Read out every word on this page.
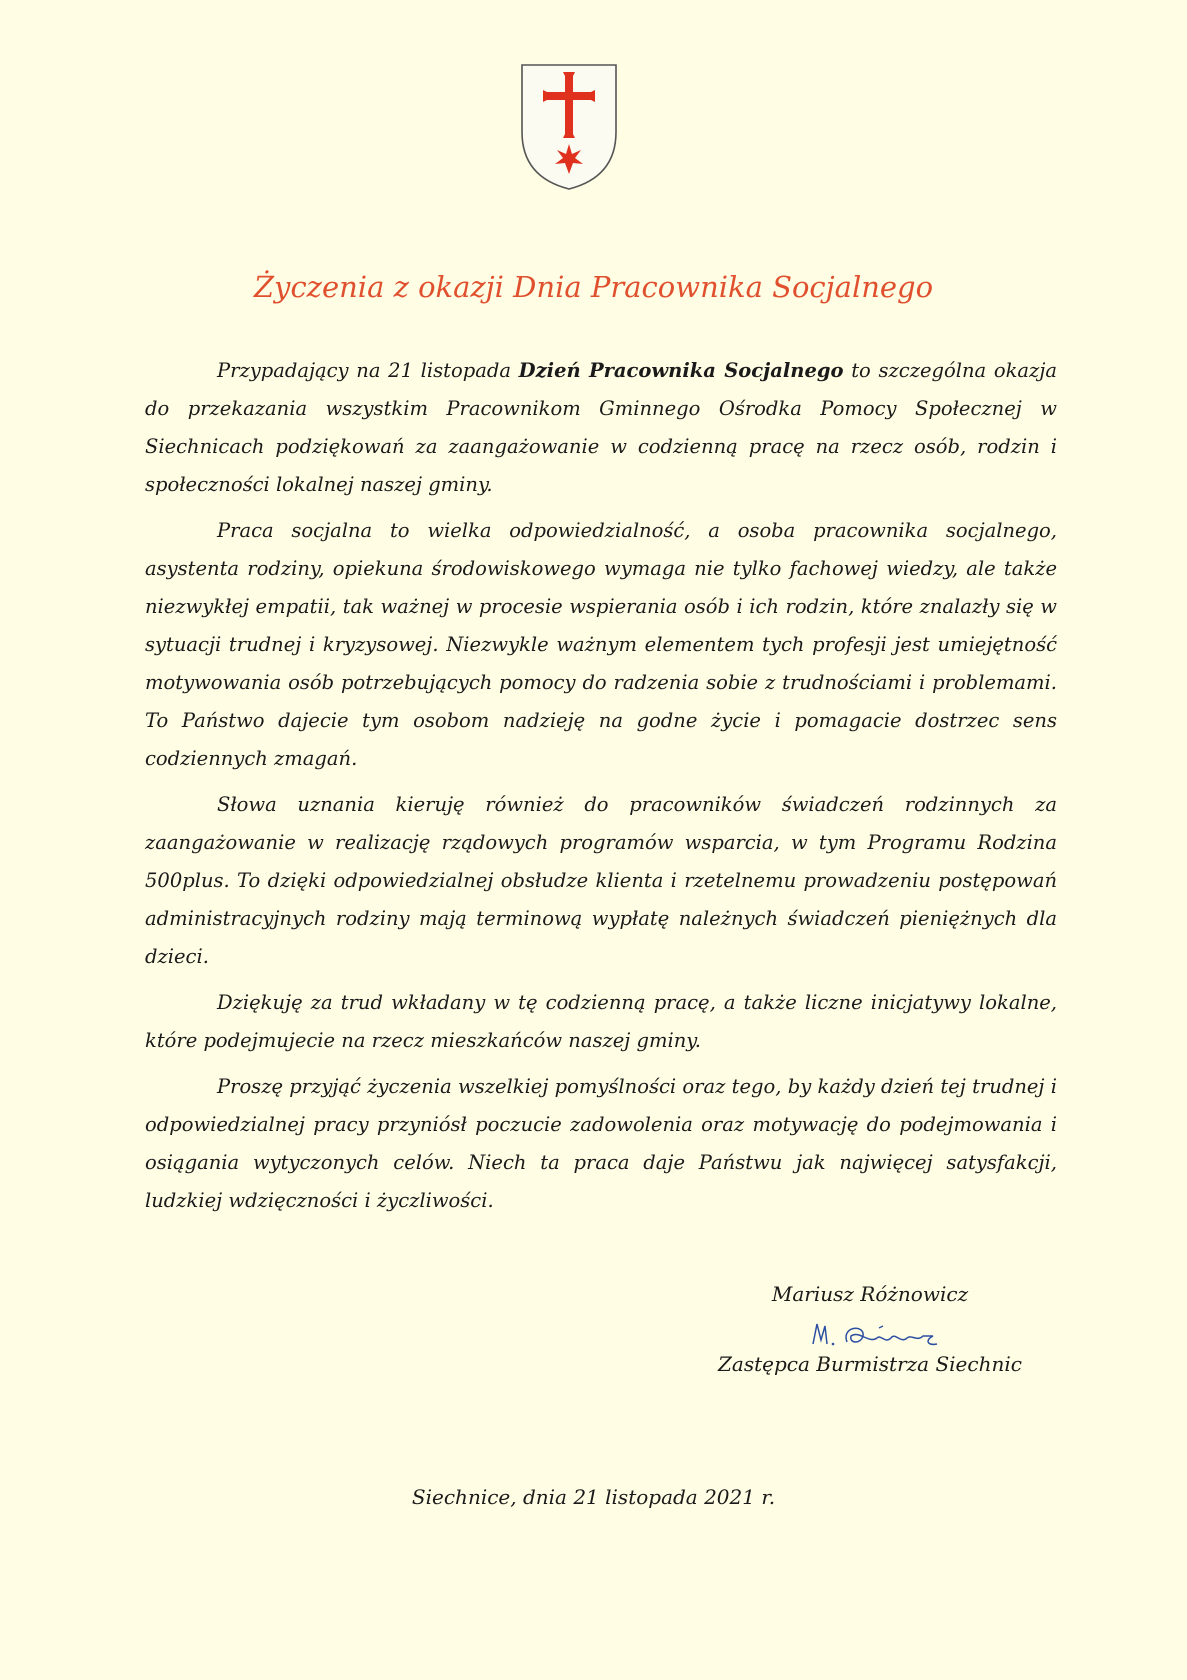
Życzenia z okazji Dnia Pracownika Socjalnego

Przypadający na 21 listopada Dzień Pracownika Socjalnego to szczególna okazja do przekazania wszystkim Pracownikom Gminnego Ośrodka Pomocy Społecznej w Siechnicach podziękowań za zaangażowanie w codzienną pracę na rzecz osób, rodzin i społeczności lokalnej naszej gminy.

Praca socjalna to wielka odpowiedzialność, a osoba pracownika socjalnego, asystenta rodziny, opiekuna środowiskowego wymaga nie tylko fachowej wiedzy, ale także niezwykłej empatii, tak ważnej w procesie wspierania osób i ich rodzin, które znalazły się w sytuacji trudnej i kryzysowej. Niezwykle ważnym elementem tych profesji jest umiejętność motywowania osób potrzebujących pomocy do radzenia sobie z trudnościami i problemami. To Państwo dajecie tym osobom nadzieję na godne życie i pomagacie dostrzec sens codziennych zmagań.

Słowa uznania kieruję również do pracowników świadczeń rodzinnych za zaangażowanie w realizację rządowych programów wsparcia, w tym Programu Rodzina 500plus. To dzięki odpowiedzialnej obsłudze klienta i rzetelnemu prowadzeniu postępowań administracyjnych rodziny mają terminową wypłatę należnych świadczeń pieniężnych dla dzieci.

Dziękuję za trud wkładany w tę codzienną pracę, a także liczne inicjatywy lokalne, które podejmujecie na rzecz mieszkańców naszej gminy.

Proszę przyjąć życzenia wszelkiej pomyślności oraz tego, by każdy dzień tej trudnej i odpowiedzialnej pracy przyniósł poczucie zadowolenia oraz motywację do podejmowania i osiągania wytyczonych celów. Niech ta praca daje Państwu jak najwięcej satysfakcji, ludzkiej wdzięczności i życzliwości.

Mariusz Różnowicz
Zastępca Burmistrza Siechnic
Siechnice, dnia 21 listopada 2021 r.
